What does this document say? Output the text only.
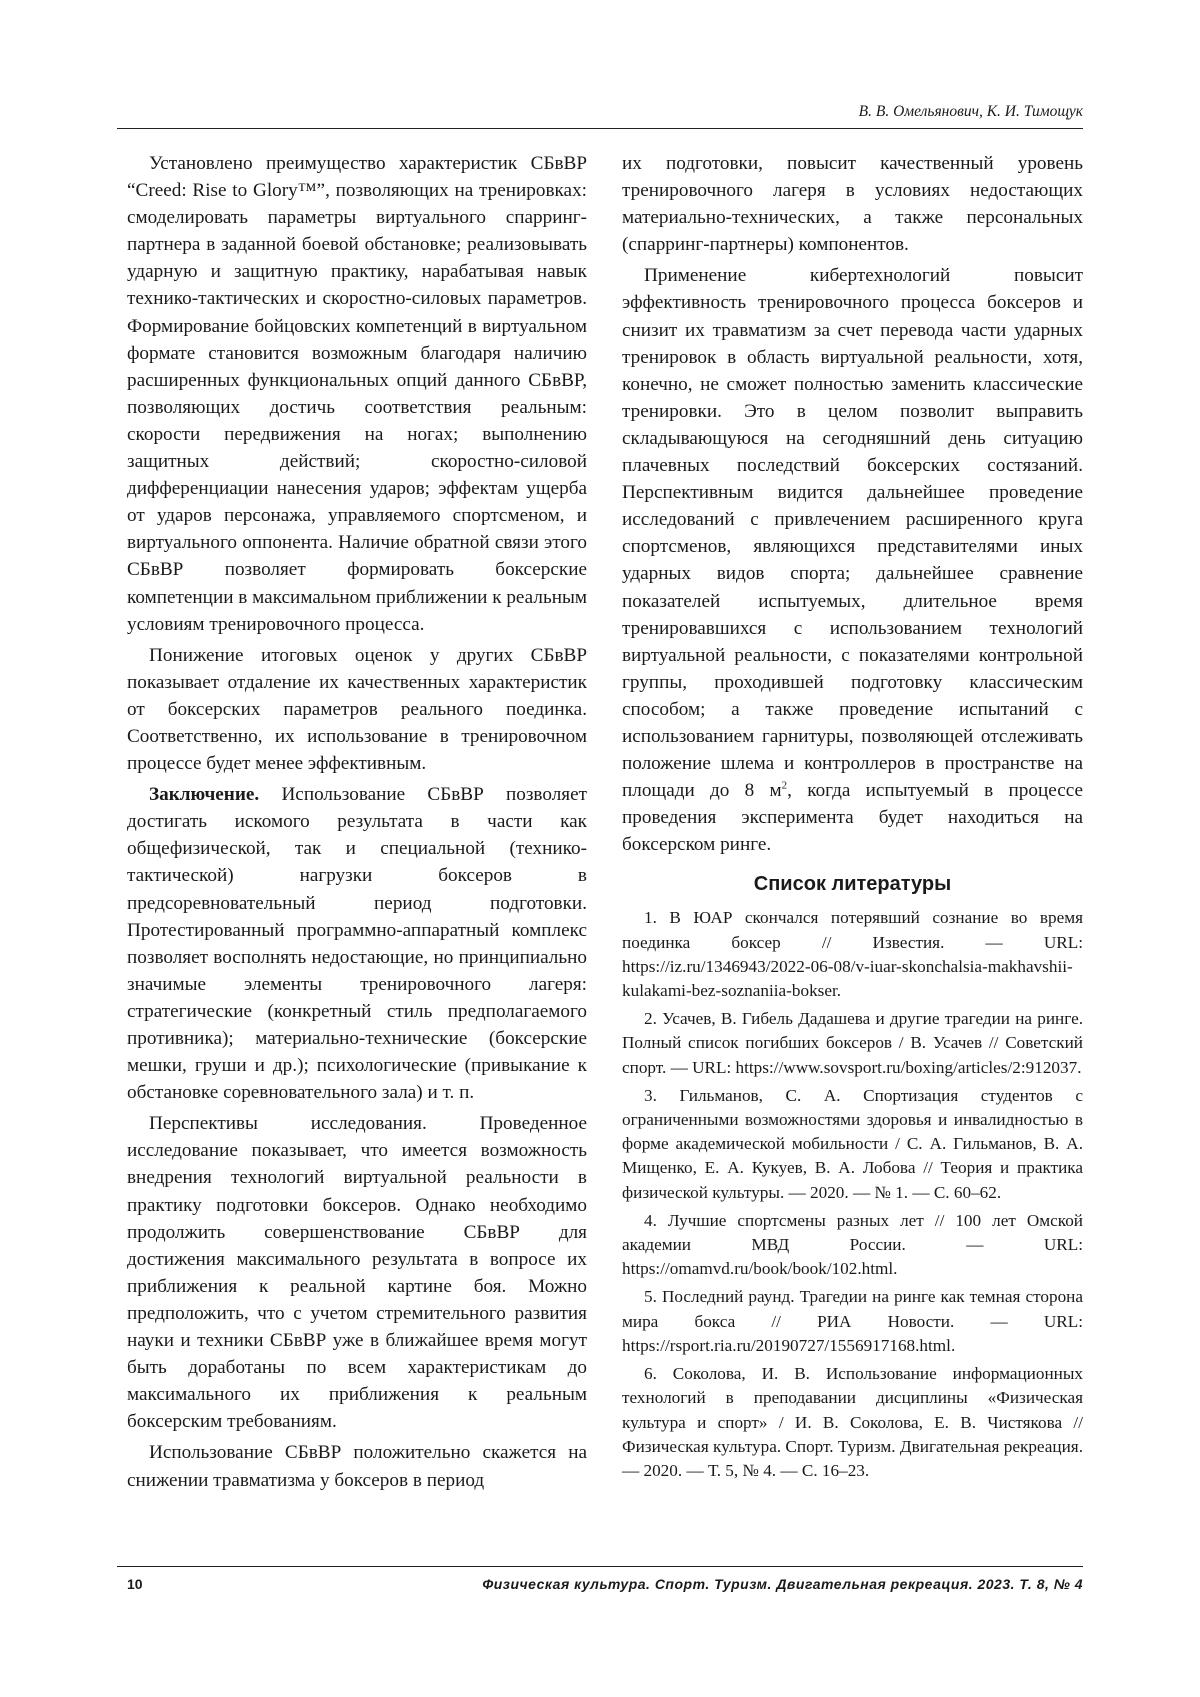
В. В. Омельянович, К. И. Тимощук

Установлено преимущество характеристик СБвВР “Creed: Rise to Glory™”, позволяющих на тренировках: смоделировать параметры виртуального спарринг-партнера в заданной боевой обстановке; реализовывать ударную и защитную практику, нарабатывая навык технико-тактических и скоростно-силовых параметров. Формирование бойцовских компетенций в виртуальном формате становится возможным благодаря наличию расширенных функциональных опций данного СБвВР, позволяющих достичь соответствия реальным: скорости передвижения на ногах; выполнению защитных действий; скоростно-силовой дифференциации нанесения ударов; эффектам ущерба от ударов персонажа, управляемого спортсменом, и виртуального оппонента. Наличие обратной связи этого СБвВР позволяет формировать боксерские компетенции в максимальном приближении к реальным условиям тренировочного процесса.

Понижение итоговых оценок у других СБвВР показывает отдаление их качественных характеристик от боксерских параметров реального поединка. Соответственно, их использование в тренировочном процессе будет менее эффективным.

Заключение. Использование СБвВР позволяет достигать искомого результата в части как общефизической, так и специальной (технико-тактической) нагрузки боксеров в предсоревновательный период подготовки. Протестированный программно-аппаратный комплекс позволяет восполнять недостающие, но принципиально значимые элементы тренировочного лагеря: стратегические (конкретный стиль предполагаемого противника); материально-технические (боксерские мешки, груши и др.); психологические (привыкание к обстановке соревновательного зала) и т. п.

Перспективы исследования. Проведенное исследование показывает, что имеется возможность внедрения технологий виртуальной реальности в практику подготовки боксеров. Однако необходимо продолжить совершенствование СБвВР для достижения максимального результата в вопросе их приближения к реальной картине боя. Можно предположить, что с учетом стремительного развития науки и техники СБвВР уже в ближайшее время могут быть доработаны по всем характеристикам до максимального их приближения к реальным боксерским требованиям.

Использование СБвВР положительно скажется на снижении травматизма у боксеров в период

их подготовки, повысит качественный уровень тренировочного лагеря в условиях недостающих материально-технических, а также персональных (спарринг-партнеры) компонентов.

Применение кибертехнологий повысит эффективность тренировочного процесса боксеров и снизит их травматизм за счет перевода части ударных тренировок в область виртуальной реальности, хотя, конечно, не сможет полностью заменить классические тренировки. Это в целом позволит выправить складывающуюся на сегодняшний день ситуацию плачевных последствий боксерских состязаний. Перспективным видится дальнейшее проведение исследований с привлечением расширенного круга спортсменов, являющихся представителями иных ударных видов спорта; дальнейшее сравнение показателей испытуемых, длительное время тренировавшихся с использованием технологий виртуальной реальности, с показателями контрольной группы, проходившей подготовку классическим способом; а также проведение испытаний с использованием гарнитуры, позволяющей отслеживать положение шлема и контроллеров в пространстве на площади до 8 $м^2$, когда испытуемый в процессе проведения эксперимента будет находиться на боксерском ринге.

Список литературы

1. В ЮАР скончался потерявший сознание во время поединка боксер // Известия. — URL: https://iz.ru/1346943/2022-06-08/v-iuar-skonchalsia-makhavshii-kulakami-bez-soznaniia-bokser.

2. Усачев, В. Гибель Дадашева и другие трагедии на ринге. Полный список погибших боксеров / В. Усачев // Советский спорт. — URL: https://www.sovsport.ru/boxing/articles/2:912037.

3. Гильманов, С. А. Спортизация студентов с ограниченными возможностями здоровья и инвалидностью в форме академической мобильности / С. А. Гильманов, В. А. Мищенко, Е. А. Кукуев, В. А. Лобова // Теория и практика физической культуры. — 2020. — № 1. — С. 60–62.

4. Лучшие спортсмены разных лет // 100 лет Омской академии МВД России. — URL: https://omamvd.ru/book/book/102.html.

5. Последний раунд. Трагедии на ринге как темная сторона мира бокса // РИА Новости. — URL: https://rsport.ria.ru/20190727/1556917168.html.

6. Соколова, И. В. Использование информационных технологий в преподавании дисциплины «Физическая культура и спорт» / И. В. Соколова, Е. В. Чистякова // Физическая культура. Спорт. Туризм. Двигательная рекреация. — 2020. — Т. 5, № 4. — С. 16–23.

10	Физическая культура. Спорт. Туризм. Двигательная рекреация. 2023. Т. 8, № 4
